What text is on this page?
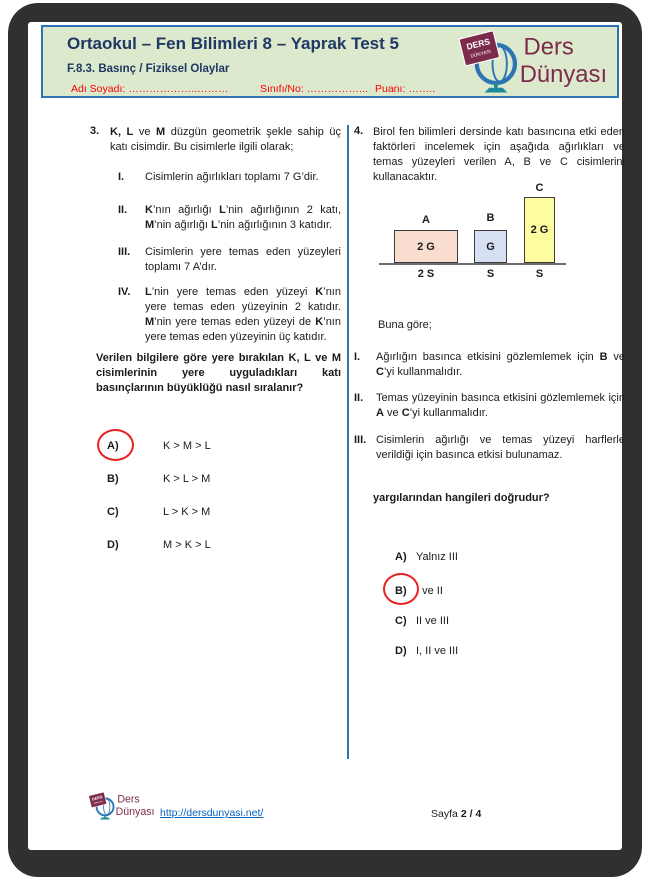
Ortaokul – Fen Bilimleri 8 – Yaprak Test 5
F.8.3. Basınç / Fiziksel Olaylar
Adı Soyadı: ………………..………	Sınıfı/No: ……………... Puanı: ……..
DERS
DÜNYASI Ders
Dünyası
3. K, L ve M düzgün geometrik şekle sahip üç katı cisimdir. Bu cisimlerle ilgili olarak;
I.	Cisimlerin ağırlıkları toplamı 7 G’dir.
II.	K’nın ağırlığı L’nin ağırlığının 2 katı, M’nin ağırlığı L’nin ağırlığının 3 katıdır.
III.	Cisimlerin yere temas eden yüzeyleri toplamı 7 A’dır.
IV.	L’nin yere temas eden yüzeyi K’nın yere temas eden yüzeyinin 2 katıdır. M’nin yere temas eden yüzeyi de K’nın yere temas eden yüzeyinin üç katıdır.
Verilen bilgilere göre yere bırakılan K, L ve M cisimlerinin yere uyguladıkları katı basınçlarının büyüklüğü nasıl sıralanır?
A)	K > M > L
B)	K > L > M
C)	L > K > M
D)	M > K > L
4. Birol fen bilimleri dersinde katı basıncına etki eden faktörleri incelemek için aşağıda ağırlıkları ve temas yüzeyleri verilen A, B ve C cisimlerini kullanacaktır.
A
2 G
2 S
B
G
S
C
2 G
S
Buna göre;
I.	Ağırlığın basınca etkisini gözlemlemek için B ve C’yi kullanmalıdır.
II.	Temas yüzeyinin basınca etkisini gözlemlemek için A ve C’yi kullanmalıdır.
III. Cisimlerin ağırlığı ve temas yüzeyi harflerle verildiği için basınca etkisi bulunamaz.
yargılarından hangileri doğrudur?
A) Yalnız III
B) I ve II
C) II ve III
D) I, II ve III
DERS
DÜNYASI Ders
Dünyası http://dersdunyasi.net/	Sayfa 2 / 4
